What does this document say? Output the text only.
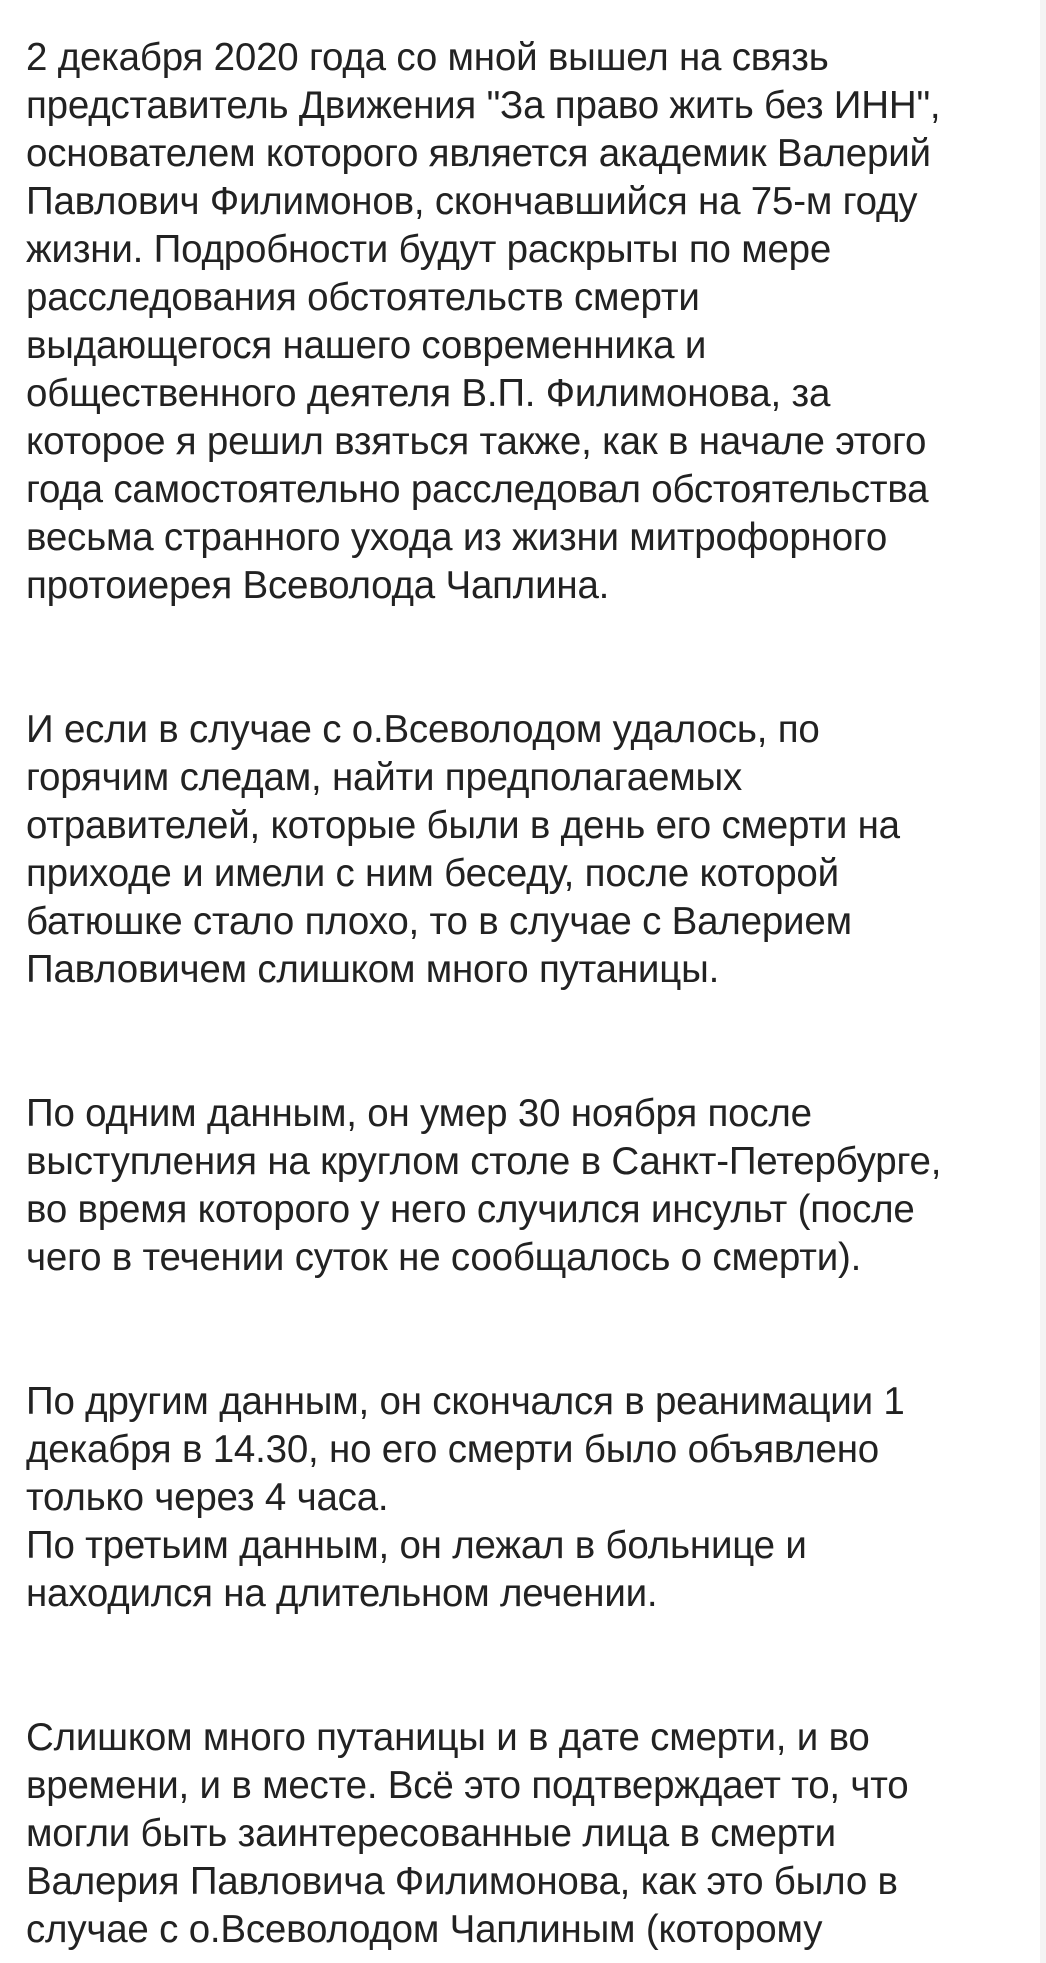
2 декабря 2020 года со мной вышел на связь
представитель Движения "За право жить без ИНН",
основателем которого является академик Валерий
Павлович Филимонов, скончавшийся на 75-м году
жизни. Подробности будут раскрыты по мере
расследования обстоятельств смерти
выдающегося нашего современника и
общественного деятеля В.П. Филимонова, за
которое я решил взяться также, как в начале этого
года самостоятельно расследовал обстоятельства
весьма странного ухода из жизни митрофорного
протоиерея Всеволода Чаплина.

И если в случае с о.Всеволодом удалось, по
горячим следам, найти предполагаемых
отравителей, которые были в день его смерти на
приходе и имели с ним беседу, после которой
батюшке стало плохо, то в случае с Валерием
Павловичем слишком много путаницы.

По одним данным, он умер 30 ноября после
выступления на круглом столе в Санкт-Петербурге,
во время которого у него случился инсульт (после
чего в течении суток не сообщалось о смерти).

По другим данным, он скончался в реанимации 1
декабря в 14.30, но его смерти было объявлено
только через 4 часа.
По третьим данным, он лежал в больнице и
находился на длительном лечении.

Слишком много путаницы и в дате смерти, и во
времени, и в месте. Всё это подтверждает то, что
могли быть заинтересованные лица в смерти
Валерия Павловича Филимонова, как это было в
случае с о.Всеволодом Чаплиным (которому
